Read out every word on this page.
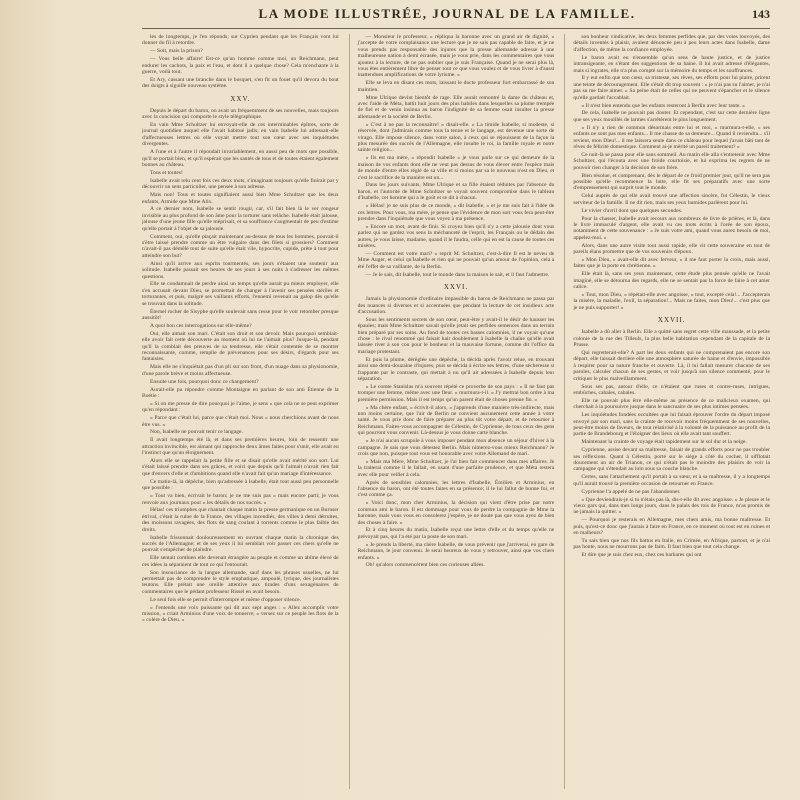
LA MODE ILLUSTRÉE, JOURNAL DE LA FAMILLE.	143

les de longtemps, je l'en réponds; sur Cyprien pendant que les Français vont lui donner du fil à retordre.

— Soit, mais la prison?

— Vous belle affaire! Est-ce qu'un homme comme moi, un Reichmann, peut endurer les cachots, la paix et l'eau, et dont il a quelque chose? Cela m'enchante à la guerre, voilà tout.

Et Ary, cassant une branche dans le bosquet, s'en fit un fouet qu'il devora du bout des doigts à siguille nouveau système.

XXV.

Depuis le départ du baron, on avait un fréquemment de ses nouvelles, mais toujours avec la concision qui comporte le style télégraphique.

En vain Mme Schultzer lui envoyait-elle de ces interminables épîtres, sorte de journal quotidien auquel elle l'avait habitué jadis; en vain Isabelle lui adressait-elle d'affectueuses lettres où elle voyait mettre tout son cœur avec ses inquiétudes divergentes.

A l'une et à l'autre il répondait invariablement, en aussi peu de mots que possible, qu'il se portait bien, et qu'il espérait que les santés de tous et de toutes étaient également bonnes au château.

Tous et toutes!

Isabelle avait relu cent fois ces deux mots, s'imaginant toujours qu'elle finirait par y découvrir un sens particulier, une pensée à son adresse.

Mais non! Tous et toutes signifiaient aussi bien Mme Schultzer que les deux enfants, Armide que Mme Alix.

A ce dernier nom, Isabelle se sentit rougir, car, s'il fait bien là le ver rongeur invisible au plus profond de son âme pour la torturer sans relâche. Isabelle était jalouse, jalouse d'une jeune fille qu'elle méprisait, et sa souffrance s'augmentait de peu d'estime qu'elle portait à l'objet de sa jalousie.

Comment, oui, qu'elle plaçait maintenant au-dessus de tous les hommes, pouvait-il s'être laissé prendre comme un être vulgaire dans des filets si grossiers? Comment n'avait-il pas démêlé tout de suite qu'elle était vile, hypocrite, cupide, prête à tout pour atteindre son but?

Ainsi qu'il arrive aux esprits tourmentés, ses jours s'étaient une soutenir aux solitude. Isabelle passait ses heures de ses jours à ses nuits à s'adresser les mêmes questions.

Elle se condamnait de perdre ainsi un temps qu'elle aurait pu mieux employer, elle s'en accusait devant Dieu, se promettait de changer à l'avenir ses pensées stériles et torturantes, et puis, malgré ses vaillants efforts, l'ennemi revenait au galop dès qu'elle se trouvait dans la solitude.

Éternel rocher de Sisyphe qu'elle soulevait sans cesse pour le voir retomber presque aussitôt!

A quoi bon ces interrogations sur elle-même?

Oui, elle aimait son mari. C'était son droit et son devoir. Mais pourquoi semblait-elle avoir fait cette découverte au moment où lui ne l'aimait plus? Jusque-là, pendant qu'il la comblait des preuves de sa tendresse, elle s'était contentée de se montrer reconnaissante, comme, remplie de prévenances pour ses désirs, d'égards pour ses fantaisies.

Mais elle ne s'inquiétait pas d'un pli sur son front, d'un nuage dans sa physionomie, d'une parole brève et moins affectueuse.

Ensuite une fois, pourquoi donc ce changement?

Aurait-elle pu répondre comme Montaigne en parlant de son ami Étienne de la Boétie :

« Si on me presse de dire pourquoi je l'aime, je sens « que cela ne se peut exprimer qu'en répondant :

« Parce que c'était lui, parce que c'était moi. Nous « nous cherchions avant de nous être vus. »

Non, Isabelle ne pouvait tenir ce langage.

Il avait longtemps été là, et dans ses premières heures, loin de ressentir une attraction invincible, est aimant qui rapproche deux âmes faites pour s'unir, elle avait eu l'instinct que qu'un éloignement.

Alors elle se rappelait la petite fille et se disait qu'elle avait mérité son sort. Lui s'était laissé prendre dans ses grâces, et voici que depuis qu'il l'aimait n'avait rien fait que d'envers d'elle et d'ambitions quand elle n'avait fait qu'un mariage d'intéressance.

Ce matin-là, la dépêche, bien qu'adressée à Isabelle, était tout aussi peu personnelle que possible :

« Tout va bien, écrivait le baron; je ne me suis pas « mais encore parti; je vous renvoie aux journaux pour « les détails de nos succès. »

Hélas! ces triomphes que chantait chaque matin la presse germanique en un Burnser étrival, c'était la ruine de la France, des villages incendiés, des villes à demi détruites, des moissons ravagées, des flots de sang coulant à torrents comme le plus faible des droits.

Isabelle frissonnait douloureusement en ouvrant chaque matin la chronique des succès de l'Allemagne; et de ses yeux il lui semblait voir passer ces chers qu'elle ne pouvait s'empêcher de plaindre.

Elle sentait combien elle devenait étrangère au peuple et comme un abîme élevé de ces idées la séparaient de tout ce qui l'entourait.

Son insouciance de la langue allemande, sauf dans les phrases usuelles, ne lui permettait pas de comprendre le style emphatique, ampoulé, lyrique, des journalistes teutons. Elle prétait une oreille attentive aux tirades d'uns sexagénaires de commentaires que le pédant professeur Rissel en avait besoin.

Le seul fois elle se permit d'interrompre et même d'opposer silence.

« J'entends une voix puissante qui dit aux sept anges : « Allez accomplir votre mission, » criait Arminius d'une voix de tonnerre; « versez sur ce peuple les flots de la « colère de Dieu. »

— Monsieur le professeur, » répliqua la baronne avec un grand air de dignité, « j'accepte de votre complaisance une lecture que je ne sais pas capable de faire, et je ne vous prends pas responsable des injures que la presse allemande adresse à une malheureuse nation à demi écrasée, mais je vous prie, dans les commentaires que vous ajoutez à la lecture, de ne pas oublier que je suis Française. Quand je ne serai plus là, vous êtes entièrement libre de penser tout ce que vous voulez et de vous livrer à d'aussi inattendues amplifications de votre lyrisme. »

Elle se leva en disant ces mots, laissant le docte professeur fort embarrassé de son maintien.

Mme Ulrique devint bientôt de rage. Elle aurait remontré la dame du château et, avec l'aide de Méta, battit huit jours des plus habiles dans lesquelles sa plume trempée de fiel et de venin insinua au baron l'indignité de sa femme osait insulter la presse allemande et la société de Berlin.

« C'est à ne pas la reconnaître! » disait-elle. « La timide Isabelle, si modeste, si réservée, dont j'admirais comme tous la tenue et le langage, est devenue une sorte de virago. Elle impose silence, dans votre salon, à ceux qui se réjouissent de la façon la plus mesurée des succès de l'Allemagne, elle insulte le roi, la famille royale et notre sainte religion...

« Ils est ma mère, » répondit Isabelle « je vous parle sur ce qui demeure de la maison de vos enfants dont elle ne veut pas dessus de vous élever entre l'espèce mais de monde d'entre elles réglé de sa ville et si moins par sa le nouveau n'est en Dieu, et c'est le sacrifice de la manière est un...

Dans les jours suivants, Mme Ulrique et sa fille étaient réduites par l'absence du baron, et l'autorité de Mme Schultzer se voyait souvent compromise dans le tableau d'Isabelle, cet homme qui a le goût et se dit à chacun.

« Hélas! je ne suis plus de ce monde, » dit Isabelle, « et je me suis fait à l'idée de ces lettres. Pour vous, ma mère, je pense que l'évidence de mon sort vous fera peut-être prendre dans l'inquiétude que vous voyez à ma présence.

« Encore un mot, avant de finir. Si croyez bien qu'il n'y a cette jalousie dont vous parlez qui ne gardez vos sens la méchanceté de l'esprit, les Français ou le dédain des autres, je vous laisse, madame, quand il le faudra, celle qui en est la cause de toutes ces misères.

— Comment est votre mari? » reprit M. Schultzer, c'est-à-dire Il est le neveu de Mme Auger, et celui qu'Isabelle et rien qui ne pouvait qu'un amour de l'opinion, cela a été l'effet de sa vaillante, de la Berlin.

— Je le sais, dit Isabelle, tout le monde dans la maison le sait, et il faut l'admettre.

XXVI.

Jamais la physionomie d'ordinaire impassible du baron de Reichmann ne passa par des nuances si diverses et si accentuées que pendant la lecture de cet insidieux acte d'accusation.

Sous les sentiments secrets de son cœur, peut-être y avait-il le désir de hausser les épaules; mais Mme Schultzer savait qu'elle jetait ses perfides semences dans un terrain bien préparé par ses soins. Au fond de toutes ces basses calomnies, il ne voyait qu'une chose : le rival renommé qui faisait hair doublement à Isabelle la chaîne qu'elle avait laissée river à son cou pour le bonheur et la mauvaise fortune, comme dit l'office du mariage protestant.

Et puis la plume, dérêglée une dépêche, la décida après l'avoir relue, en trouvant ainsi une demi-douzaine d'injures, puis se décida à écrire ses lettres, d'une sécheresse si frappante par le contraste, qui mettait à nu qu'il ait adressées à Isabelle depuis leur séparation.

« Le comte Stanislas m'a souvent répété ce proverbe de son pays : « Il ne faut pas tromper une femme, même avec une fleur. » murmura-t-il. « J'y mettrai bon ordre à ma première permission. Mais il est temps qu'un parent était de choses prenne fin. »

« Ma chère enfant, » écrivit-il alors, « j'apprends d'une manière très-indirecte, mais non moins certaine, que l'air de Berlin ne convient aucunement cette année à votre santé. Je vous prie donc de faire préparer au plus tôt votre départ, et de retourner à Reichmann. Faites-vous accompagner de Célestin, de Cyprienne, de tous ceux des gens qui pourront vous convenir. Là-dessus je vous donne carte blanche.

« Je n'ai aucun scrupule à vous imposer pendant mon absence un séjour d'hiver à la campagne. Je sais que vous détestez Berlin. Mais nimerez-vous mieux Reichmann? Je crois que non, puisque tout vous est honorable avec votre Allemand de mari.

« Mais ma Mère, Mme Schultzer, je l'ai bien fait commencer dans mes affaires. Je la traiterai comme il le fallait, en usant d'une parfaite prudence, et que Méta restera avec elle pour veiller à cela.

Après de sensibles calomnies, les lettres d'Isabelle, Émilien et Arminius, en l'absence du baron, ont été toutes faites en sa présence; il le lui fallut de bonne foi, et c'est comme ça.

« Voici donc, mon cher Arminius, la décision qui vient d'être prise par notre commun ami le baron. Il est dommage pour vous de perdre la compagnie de Mme la baronne, mais vous vous en consolerez j'espère, je ne doute pas que vous ayez de bien des choses à faire. »

Et à cinq heures du matin, Isabelle reçut une lettre d'elle et du temps qu'elle ne prévoyait pas, qui l'a été par la poste de son mari.

« Je prends la liberté, ma chère Isabelle, de vous prévenir que j'arriverai, en gare de Reichmann, le jour convenu. Je serai heureux de vous y retrouver, ainsi que vos chers enfants. »

Oh! qu'alors commencèrent bien ces curieuses allées.

son bonheur vindicative, les deux femmes perfides que, par des voies louvoyés, des détails inventés à plaisir, avaient dénoncée peu à peu leurs actes dans Isabelle, dame d'affection, de même la confiance employée.

Le baron avait eu n'ensemble qu'un sens de haute justice, et de justice intransigeante, en s'étant des suggestions de sa haine. Il lui avait adressé d'élégantes, mais si ingrates, elle n'a plus compté sur la mémoire du temps et les souffrances.

Il y eut enfin que son cœur, sa tristesse, ses rêves, ses efforts pour lui plaire, prirent une teinte de découragement. Elle s'était dit trop souvent : « je n'ai pas su l'aimer, je n'ai pas su me faire aimer. » Sa peine était de celles qui ne peuvent s'épancher et le silence qu'elle gardait l'accablait.

« Il n'est bien entendu que les enfants resteront à Berlin avec leur tante. »

De cela, Isabelle ne pouvait pas douter. Et cependant, c'est sur cette dernière ligne que ses yeux mouillés de larmes s'arrêtèrent le plus longuement.

« Il n'y a rien de commun désormais entre lui et moi, » murmura-t-elle, « ses enfants ne sont pas mes enfants... Il me chasse de sa demeure... Quand il reviendra... s'il revient, mon Dieu!... il me laissera seule dans ce château pour lequel j'avais bâti tant de rêves de félicité domestique. Comment ai-je mérité un pareil traitement? »

Ce nuit-là se passa pour elle sans sommeil. Au matin elle alla s'entretenir avec Mme Schultzer, qui l'écouta avec une froide courtoisie, et lui exprima les regrets de ne pouvoir rien changer à la décision de son frère.

Bien résolue, et comprenant, dès le départ de ce froid premier jour, qu'il ne sera pas possible qu'elle recommence la lutte, elle fit ses préparatifs avec une sorte d'empressement qui surprit tout le monde.

Celui auprès de qui elle avait trouvé une affection sincère, fut Célestin, le vieux serviteur de la famille. Il ne dit rien, mais ses yeux humides parlèrent pour lui.

Le vivier d'avril dont que quelques secondes.

Pour la chasser, Isabelle avait recours aux nombreux de livre de prières, et là, dans le livre immaculé d'argent, elle avait vu ces mots écrits à l'orée de son époux, notamment de cette souvenance : « Je suis votre ami, quand vous aurez besoin de moi, appelez-moi. »

Alors, dans une autre visite tout aussi rapide, elle vit cette souveraine en tout de pareils élans promettre que de vos souvenirs d'époux.

« Mon Dieu, » avait-elle dit avec ferveur, « il me faut porter la croix, mais aussi, faites que je la porte en chrétienne. »

Elle était là, sans ses yeux maintenant, cette étude plus pensée qu'elle ne l'avait imaginé, elle se détourna des regards, elle ne se sentait pas la force de faire à cet amer calice.

« Tout, mon Dieu, » répétait-elle avec angoisse, « tout, excepté cela!... J'accepterais la misère, la maladie, l'exil, la séparation!... Mais ne faites, mon Dieu!... c'est plus que je ne puis supporter! »

XXVII.

Isabelle a dû aller à Berlin. Elle a quitté sans regret cette ville maussade, et la petite colonie de la rue des Tilleuls, la plus belle habitation cependant de la capitale de la Prusse.

Qui regretterait-elle? A part les deux enfants qui ne comprenaient pas encore son départ, elle laissait derrière elle une atmosphère saturée de haine et d'envie, impossible à respirer pour sa nature franche et ouverte. Là, il lui fallait mesurer chacune de ses paroles, calculer chacun de ses gestes, et voir jusqu'à son silence commenté, pour le critiquer le plus malveillamment.

Sous ses pas, autour d'elle, ce n'étaient que ruses et contre-ruses, intrigues, embûches, cabales, cabales.

Elle ne pouvait plus être elle-même au présence de ce malicieux examen, qui cherchait à la poursuivre jusque dans le sanctuaire de ses plus intimes pensées.

Les inquiétudes fondées occultées que lui faisait éprouver l'ordre du départ imposé envoyé par son mari, sans la crainte de recevoir moins fréquemment de ses nouvelles, peut-être moins de faveurs, de tout relativisé à la volonté de la puissance au profit de la partie de Brandebourg et l'éloigner des lieux où elle avait tant souffert.

Maintenant la crainte de voyage était rapidement sur le sol dur et la neige.

Cyprienne, assise devant sa maîtresse, faisait de grands efforts pour ne pas troubler ses réflexions. Quant à Célestin, porté sur le siège à côté du cocher, il sifflotait doucement un air de Trianon, ce qui n'était pas le moindre des plaisirs de voir la campagne qui s'étendait au loin sous sa couche blanche.

Certes, sans l'attachement qu'il portait à sa sœur, et à sa maîtresse, il y a longtemps qu'il aurait trouvé la première occasion de retourner en France.

Cyprienne l'a appelé de ne pas l'abandonner.

« Que deviendrais-je si tu n'étais pas là, dis-t-elle dit avec angoisse. « Je pleure et le vieux gars qui, dans mes longs jours, dans le palais des rois de France, m'as promis de ne jamais la quitter. »

— Pourquoi je resterais en Allemagne, mes chers amis, ma bonne maîtresse. Et puis, qu'est-ce donc que j'aurais à faire en France, en ce moment où tout est en ruines et en malheurs?

Tu sais bien que nos fils battus en Italie, en Crimée, en Afrique, partout, et je n'ai pas honte, nous ne mourrons pas de faim. Il faut bien que tout cela change.

Et dire que je suis chez eux, chez ces barbares qui ont
